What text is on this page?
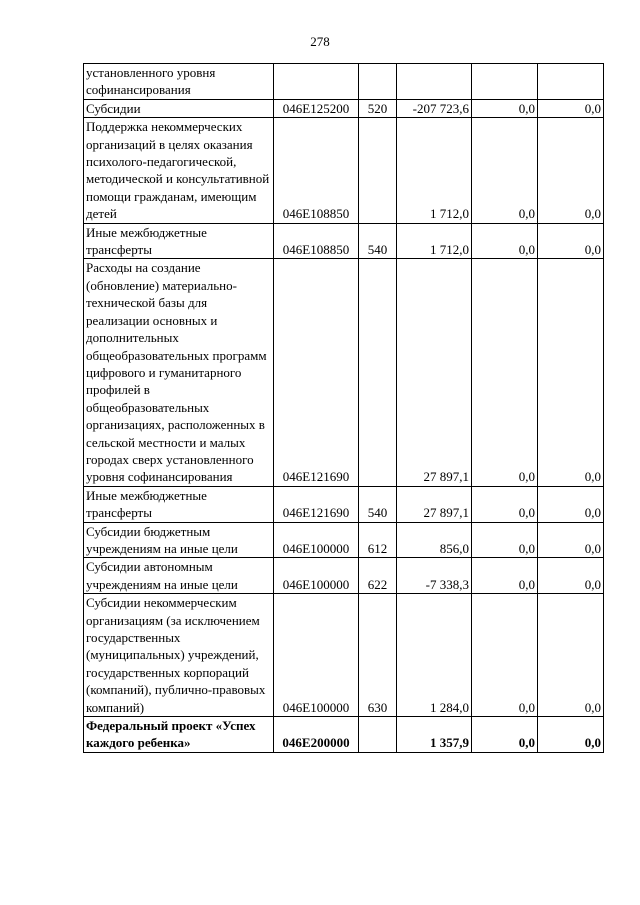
278
установленного уровня софинансирования					
Субсидии	046E125200	520	-207 723,6	0,0	0,0
Поддержка некоммерческих организаций в целях оказания психолого-педагогической, методической и консультативной помощи гражданам, имеющим детей	046E108850		1 712,0	0,0	0,0
Иные межбюджетные трансферты	046E108850	540	1 712,0	0,0	0,0
Расходы на создание (обновление) материально-технической базы для реализации основных и дополнительных общеобразовательных программ цифрового и гуманитарного профилей в общеобразовательных организациях, расположенных в сельской местности и малых городах сверх установленного уровня софинансирования	046E121690		27 897,1	0,0	0,0
Иные межбюджетные трансферты	046E121690	540	27 897,1	0,0	0,0
Субсидии бюджетным учреждениям на иные цели	046E100000	612	856,0	0,0	0,0
Субсидии автономным учреждениям на иные цели	046E100000	622	-7 338,3	0,0	0,0
Субсидии некоммерческим организациям (за исключением государственных (муниципальных) учреждений, государственных корпораций (компаний), публично-правовых компаний)	046E100000	630	1 284,0	0,0	0,0
Федеральный проект «Успех каждого ребенка»	046E200000		1 357,9	0,0	0,0
